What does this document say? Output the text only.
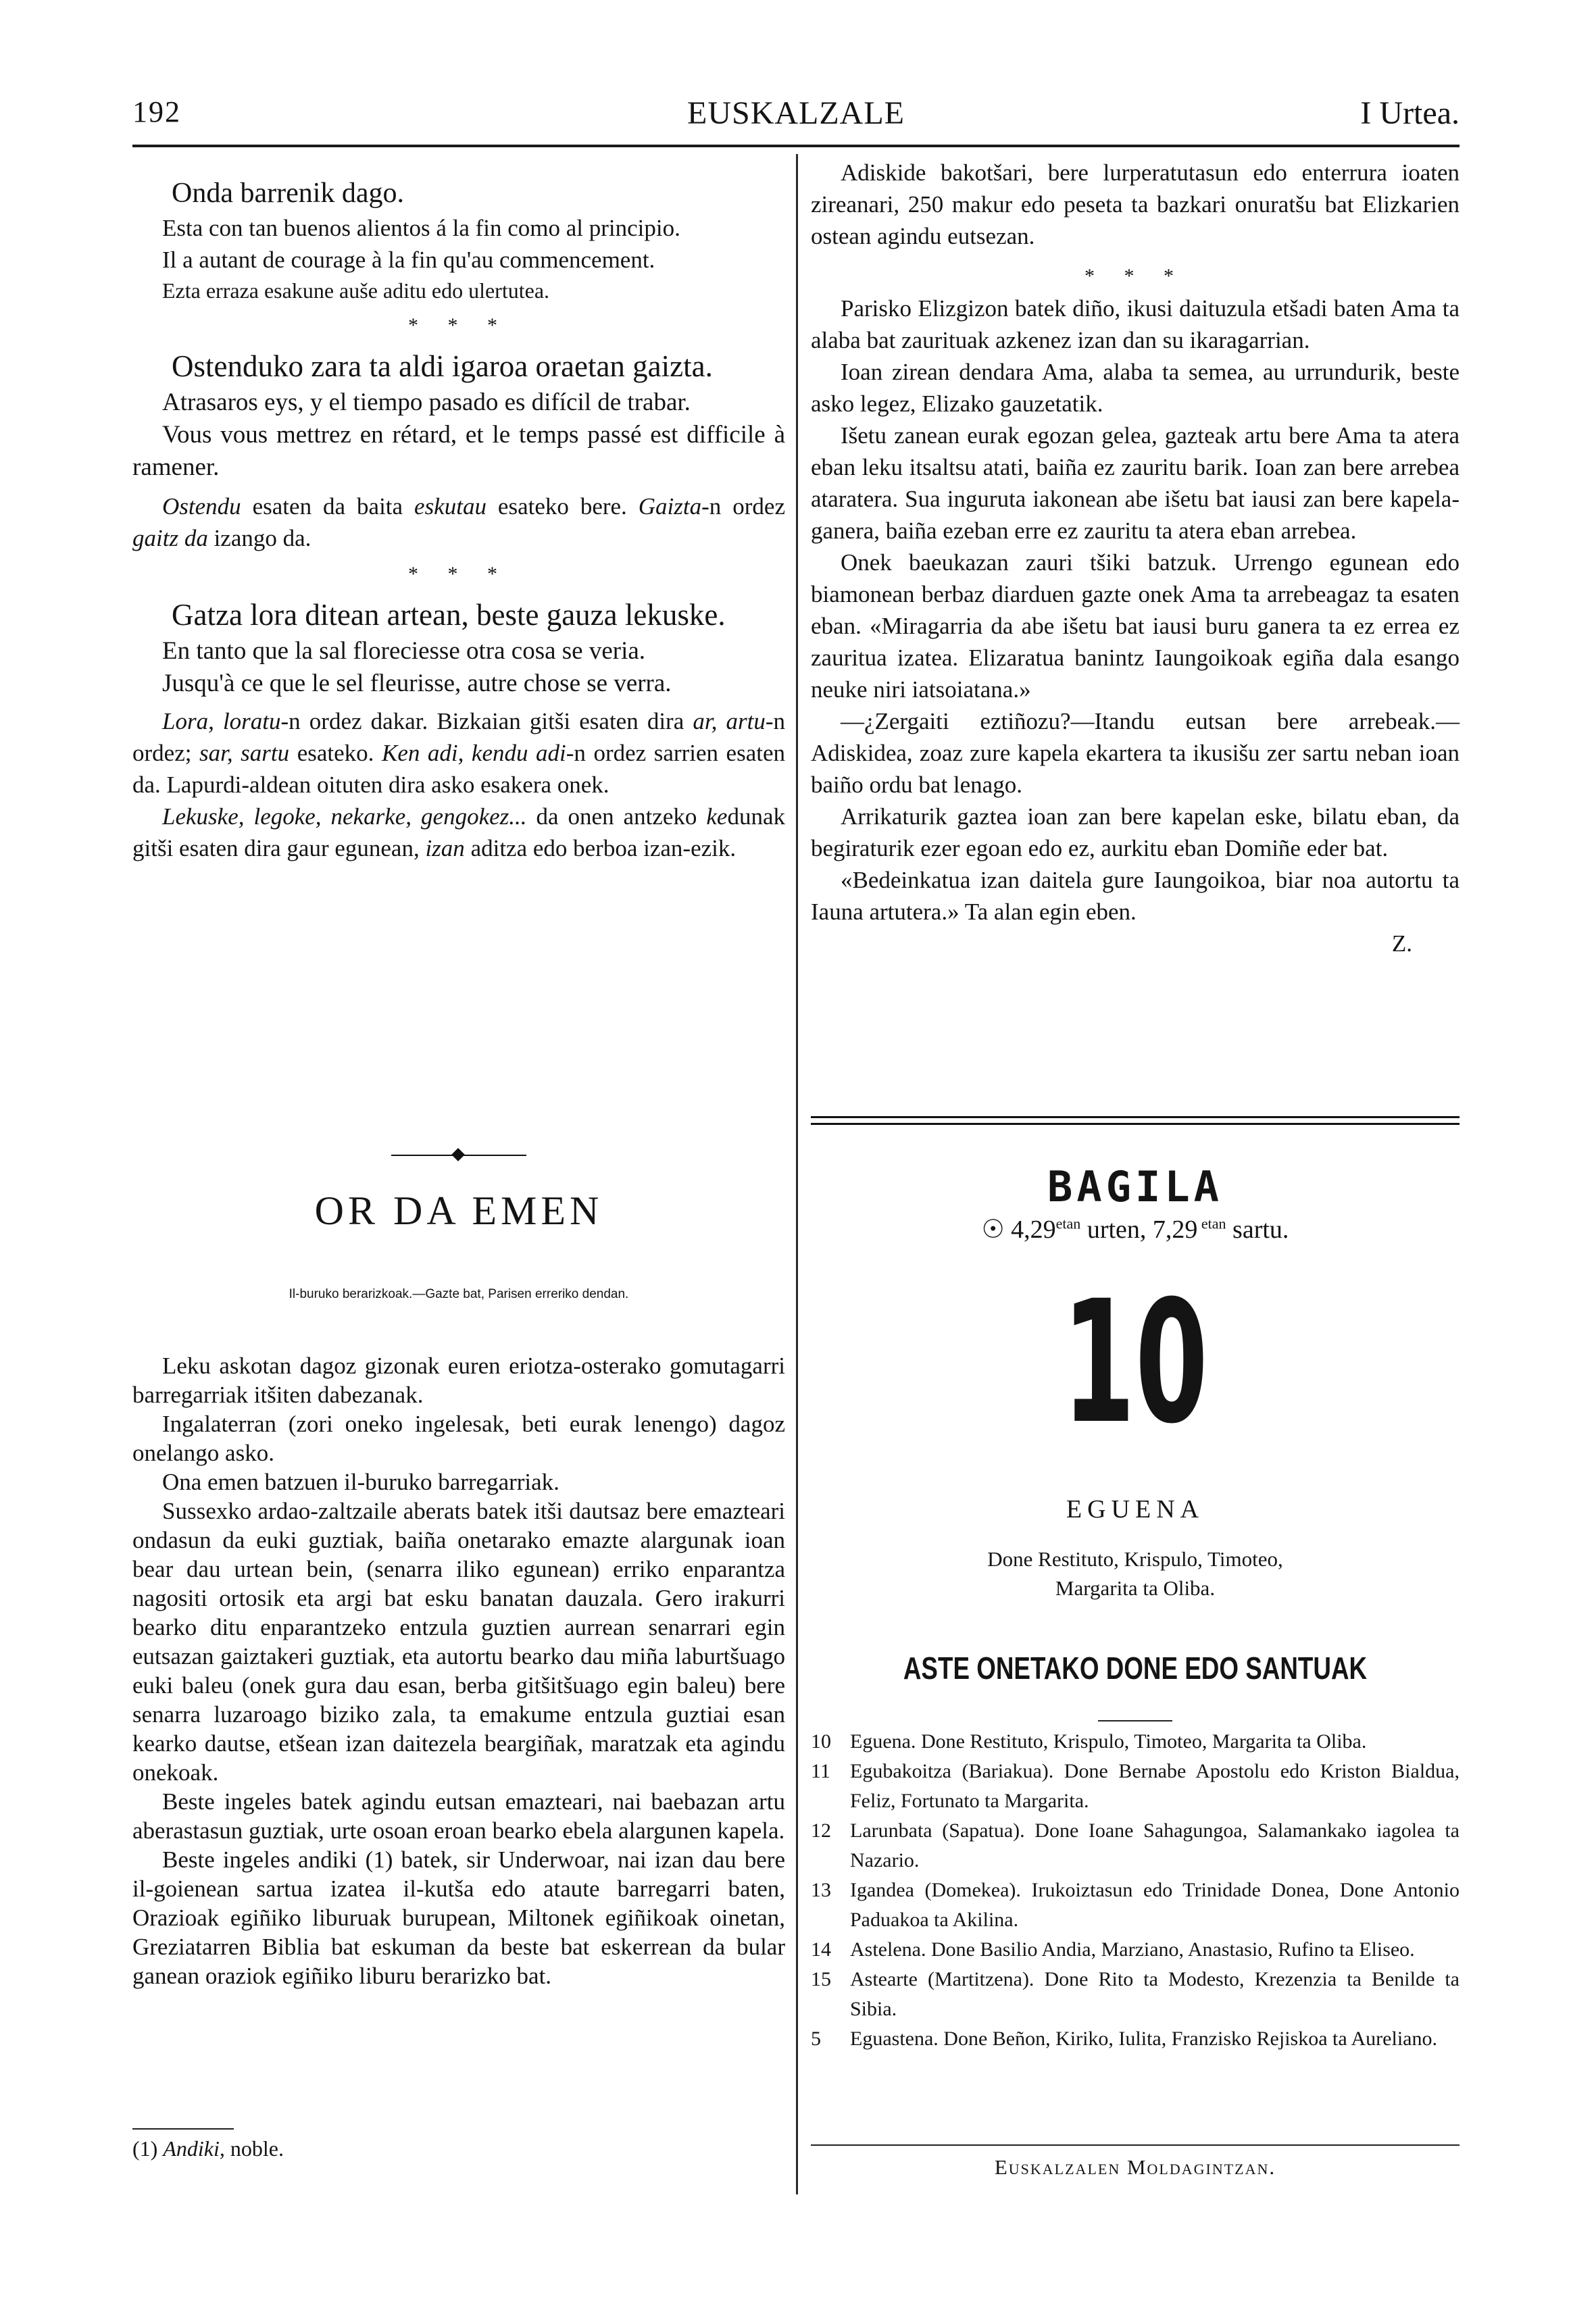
192	EUSKALZALE	I Urtea.

Onda barrenik dago.

Esta con tan buenos alientos á la fin como al principio.

Il a autant de courage à la fin qu'au commencement.

Ezta erraza esakune auše aditu edo ulertutea.

* * *

Ostenduko zara ta aldi igaroa oraetan gaizta.

Atrasaros eys, y el tiempo pasado es difícil de trabar.

Vous vous mettrez en rétard, et le temps passé est difficile à ramener.

Ostendu esaten da baita eskutau esateko bere. Gaizta-n ordez gaitz da izango da.

* * *

Gatza lora ditean artean, beste gauza lekuske.

En tanto que la sal floreciesse otra cosa se veria.

Jusqu'à ce que le sel fleurisse, autre chose se verra.

Lora, loratu-n ordez dakar. Bizkaian gitši esaten dira ar, artu-n ordez; sar, sartu esateko. Ken adi, kendu adi-n ordez sarrien esaten da. Lapurdi-aldean oituten dira asko esakera onek.

Lekuske, legoke, nekarke, gengokez... da onen antzeko kedunak gitši esaten dira gaur egunean, izan aditza edo berboa izan-ezik.

Adiskide bakotšari, bere lurperatutasun edo enterrura ioaten zireanari, 250 makur edo peseta ta bazkari onuratšu bat Elizkarien ostean agindu eutsezan.

* * *

Parisko Elizgizon batek diño, ikusi daituzula etšadi baten Ama ta alaba bat zaurituak azkenez izan dan su ikaragarrian.

Ioan zirean dendara Ama, alaba ta semea, au urrundurik, beste asko legez, Elizako gauzetatik.

Išetu zanean eurak egozan gelea, gazteak artu bere Ama ta atera eban leku itsaltsu atati, baiña ez zauritu barik. Ioan zan bere arrebea ataratera. Sua inguruta iakonean abe išetu bat iausi zan bere kapela-ganera, baiña ezeban erre ez zauritu ta atera eban arrebea.

Onek baeukazan zauri tšiki batzuk. Urrengo egunean edo biamonean berbaz diarduen gazte onek Ama ta arrebeagaz ta esaten eban. «Miragarria da abe išetu bat iausi buru ganera ta ez errea ez zauritua izatea. Elizaratua banintz Iaungoikoak egiña dala esango neuke niri iatsoiatana.»

—¿Zergaiti eztiñozu?—Itandu eutsan bere arrebeak.—Adiskidea, zoaz zure kapela ekartera ta ikusišu zer sartu neban ioan baiño ordu bat lenago.

Arrikaturik gaztea ioan zan bere kapelan eske, bilatu eban, da begiraturik ezer egoan edo ez, aurkitu eban Domiñe eder bat.

«Bedeinkatua izan daitela gure Iaungoikoa, biar noa autortu ta Iauna artutera.» Ta alan egin eben.

Z.

OR DA EMEN
Il-buruko berarizkoak.—Gazte bat, Parisen erreriko dendan.

Leku askotan dagoz gizonak euren eriotza-osterako gomutagarri barregarriak itšiten dabezanak.

Ingalaterran (zori oneko ingelesak, beti eurak lenengo) dagoz onelango asko.

Ona emen batzuen il-buruko barregarriak.

Sussexko ardao-zaltzaile aberats batek itši dautsaz bere emazteari ondasun da euki guztiak, baiña onetarako emazte alargunak ioan bear dau urtean bein, (senarra iliko egunean) erriko enparantza nagositi ortosik eta argi bat esku banatan dauzala. Gero irakurri bearko ditu enparantzeko entzula guztien aurrean senarrari egin eutsazan gaiztakeri guztiak, eta autortu bearko dau miña laburtšuago euki baleu (onek gura dau esan, berba gitšitšuago egin baleu) bere senarra luzaroago biziko zala, ta emakume entzula guztiai esan kearko dautse, etšean izan daitezela beargiñak, maratzak eta agindu onekoak.

Beste ingeles batek agindu eutsan emazteari, nai baebazan artu aberastasun guztiak, urte osoan eroan bearko ebela alargunen kapela.

Beste ingeles andiki (1) batek, sir Underwoar, nai izan dau bere il-goienean sartua izatea il-kutša edo ataute barregarri baten, Orazioak egiñiko liburuak burupean, Miltonek egiñikoak oinetan, Greziatarren Biblia bat eskuman da beste bat eskerrean da bular ganean oraziok egiñiko liburu berarizko bat.

(1) Andiki, noble.
BAGILA
☉ $4,29^{etan}$ urten, 7,29 $^{etan}$ sartu.
10
EGUENA
Done Restituto, Krispulo, Timoteo,
Margarita ta Oliba.
ASTE ONETAKO DONE EDO SANTUAK
10 Eguena. Done Restituto, Krispulo, Timoteo, Margarita ta Oliba.
11 Egubakoitza (Bariakua). Done Bernabe Apostolu edo Kriston Bialdua, Feliz, Fortunato ta Margarita.
12 Larunbata (Sapatua). Done Ioane Sahagungoa, Salamankako iagolea ta Nazario.
13 Igandea (Domekea). Irukoiztasun edo Trinidade Donea, Done Antonio Paduakoa ta Akilina.
14 Astelena. Done Basilio Andia, Marziano, Anastasio, Rufino ta Eliseo.
15 Astearte (Martitzena). Done Rito ta Modesto, Krezenzia ta Benilde ta Sibia.
5 Eguastena. Done Beñon, Kiriko, Iulita, Franzisko Rejiskoa ta Aureliano.
Euskalzalen Moldagintzan.
